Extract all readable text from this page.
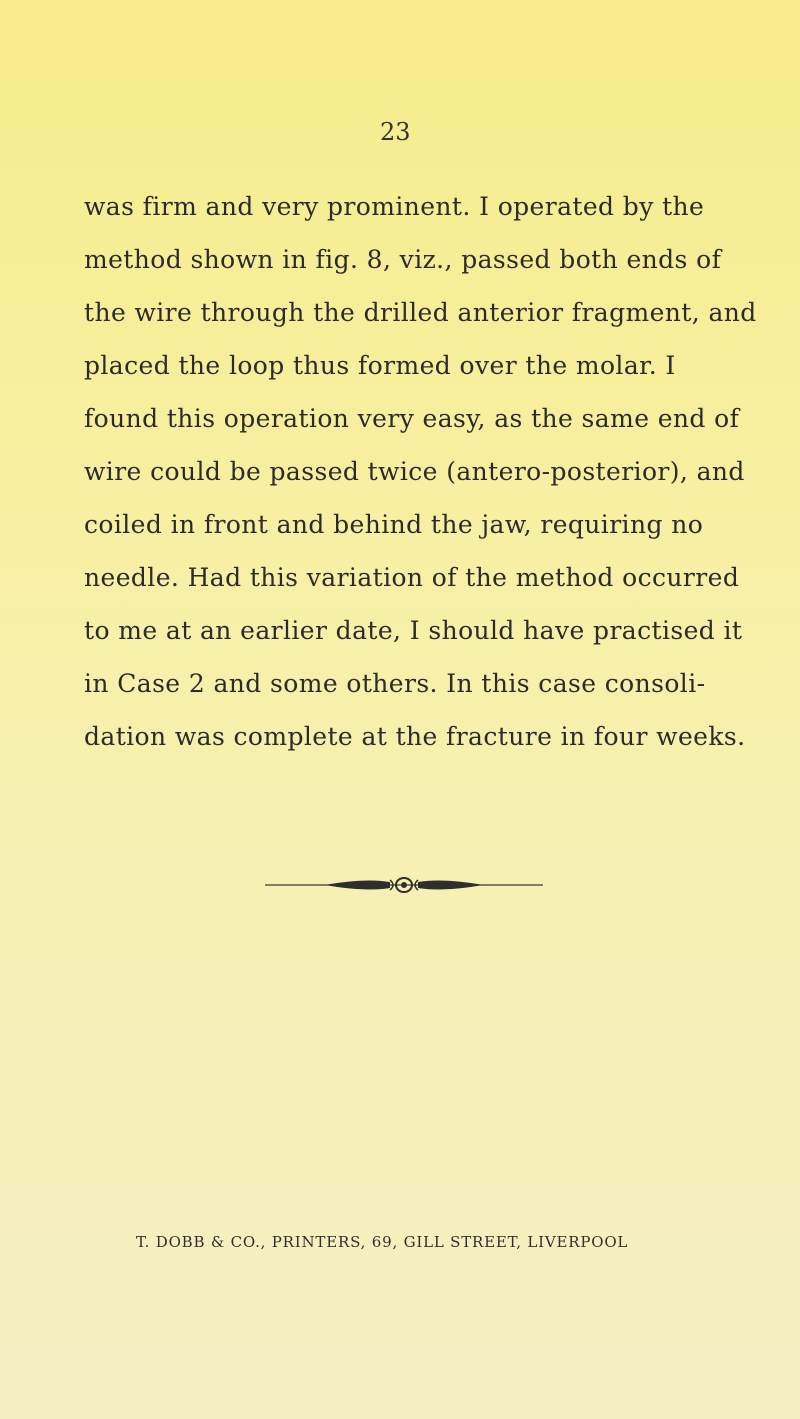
23
was firm and very prominent. I operated by the
method shown in fig. 8, viz., passed both ends of
the wire through the drilled anterior fragment, and
placed the loop thus formed over the molar. I
found this operation very easy, as the same end of
wire could be passed twice (antero-posterior), and
coiled in front and behind the jaw, requiring no
needle. Had this variation of the method occurred
to me at an earlier date, I should have practised it
in Case 2 and some others. In this case consoli-
dation was complete at the fracture in four weeks.
T. DOBB & CO., PRINTERS, 69, GILL STREET, LIVERPOOL
